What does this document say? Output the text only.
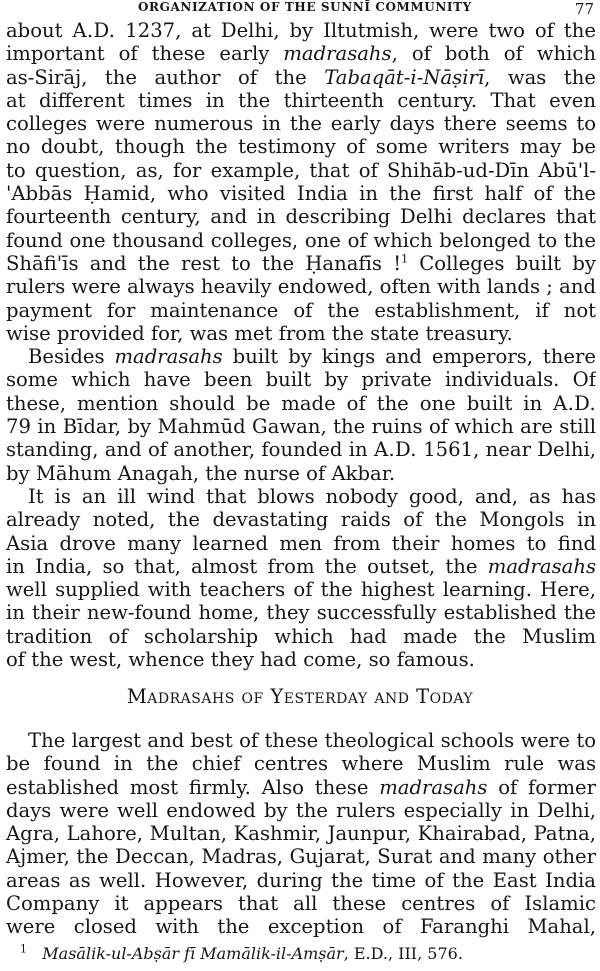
ORGANIZATION OF THE SUNNĪ COMMUNITY	77
about A.D. 1237, at Delhi, by Iltutmish, were two of the
important of these early madrasahs, of both of which
as-Sirāj, the author of the Tabaqāt-i-Nāṣirī, was the
at different times in the thirteenth century. That even
colleges were numerous in the early days there seems to
no doubt, though the testimony of some writers may be
to question, as, for example, that of Shihāb-ud-Dīn Abū'l-
'Abbās Ḥamid, who visited India in the first half of the
fourteenth century, and in describing Delhi declares that
found one thousand colleges, one of which belonged to the
Shāfi'īs and the rest to the Ḥanafīs !$^1$ Colleges built by
rulers were always heavily endowed, often with lands ; and
payment for maintenance of the establishment, if not
wise provided for, was met from the state treasury.
Besides madrasahs built by kings and emperors, there
some which have been built by private individuals. Of
these, mention should be made of the one built in A.D.
79 in Bīdar, by Mahmūd Gawan, the ruins of which are still
standing, and of another, founded in A.D. 1561, near Delhi,
by Māhum Anagah, the nurse of Akbar.
It is an ill wind that blows nobody good, and, as has
already noted, the devastating raids of the Mongols in
Asia drove many learned men from their homes to find
in India, so that, almost from the outset, the madrasahs
well supplied with teachers of the highest learning. Here,
in their new-found home, they successfully established the
tradition of scholarship which had made the Muslim
of the west, whence they had come, so famous.
Madrasahs of Yesterday and Today
The largest and best of these theological schools were to
be found in the chief centres where Muslim rule was
established most firmly. Also these madrasahs of former
days were well endowed by the rulers especially in Delhi,
Agra, Lahore, Multan, Kashmir, Jaunpur, Khairabad, Patna,
Ajmer, the Deccan, Madras, Gujarat, Surat and many other
areas as well. However, during the time of the East India
Company it appears that all these centres of Islamic
were closed with the exception of Faranghi Mahal,
$^1$ Masālik-ul-Abṣār fī Mamālik-il-Amṣār, E.D., III, 576.
